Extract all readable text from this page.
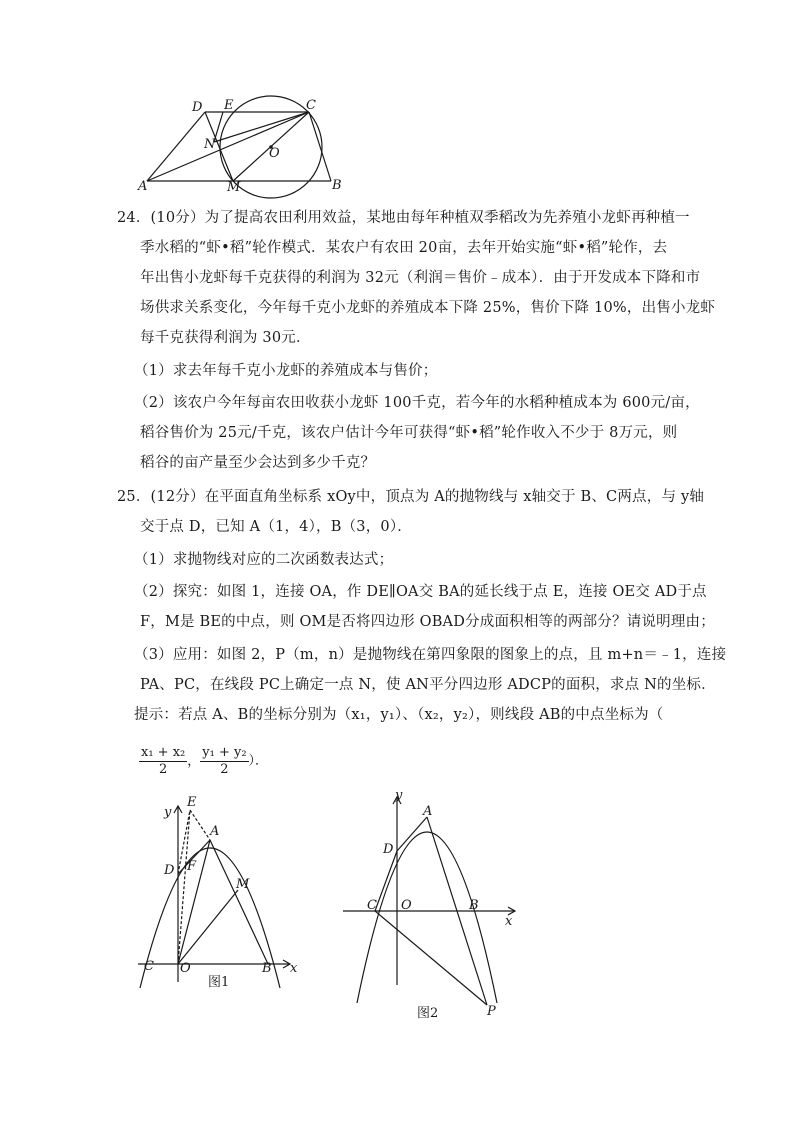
D E	C
N
O
A	M	B
24．(10分）为了提高农田利用效益，某地由每年种植双季稻改为先养殖小龙虾再种植一
季水稻的“虾•稻”轮作模式．某农户有农田 20亩，去年开始实施“虾•稻”轮作，去
年出售小龙虾每千克获得的利润为 32元（利润＝售价﹣成本）．由于开发成本下降和市
场供求关系变化，今年每千克小龙虾的养殖成本下降 25%，售价下降 10%，出售小龙虾
每千克获得利润为 30元．
（1）求去年每千克小龙虾的养殖成本与售价；
（2）该农户今年每亩农田收获小龙虾 100千克，若今年的水稻种植成本为 600元/亩，
稻谷售价为 25元/千克，该农户估计今年可获得“虾•稻”轮作收入不少于 8万元，则
稻谷的亩产量至少会达到多少千克？
25．(12分）在平面直角坐标系 xOy中，顶点为 A的抛物线与 x轴交于 B、C两点，与 y轴
交于点 D，已知 A（1，4），B（3，0）．
（1）求抛物线对应的二次函数表达式；
（2）探究：如图 1，连接 OA，作 DE∥OA交 BA的延长线于点 E，连接 OE交 AD于点
F，M是 BE的中点，则 OM是否将四边形 OBAD分成面积相等的两部分？请说明理由；
（3）应用：如图 2，P（m，n）是抛物线在第四象限的图象上的点，且 m+n＝﹣1，连接
PA、PC，在线段 PC上确定一点 N，使 AN平分四边形 ADCP的面积，求点 N的坐标．
提示：若点 A、B的坐标分别为（x₁，y₁）、（x₂，y₂），则线段 AB的中点坐标为（
$\frac{\text{x₁ + x₂}}{2}$ ， $\frac{\text{y₁ + y₂}}{2}$ ）．
y
E
A
D F
M
C O	B x
图1
y
A
D
C O	B
x
P
图2
